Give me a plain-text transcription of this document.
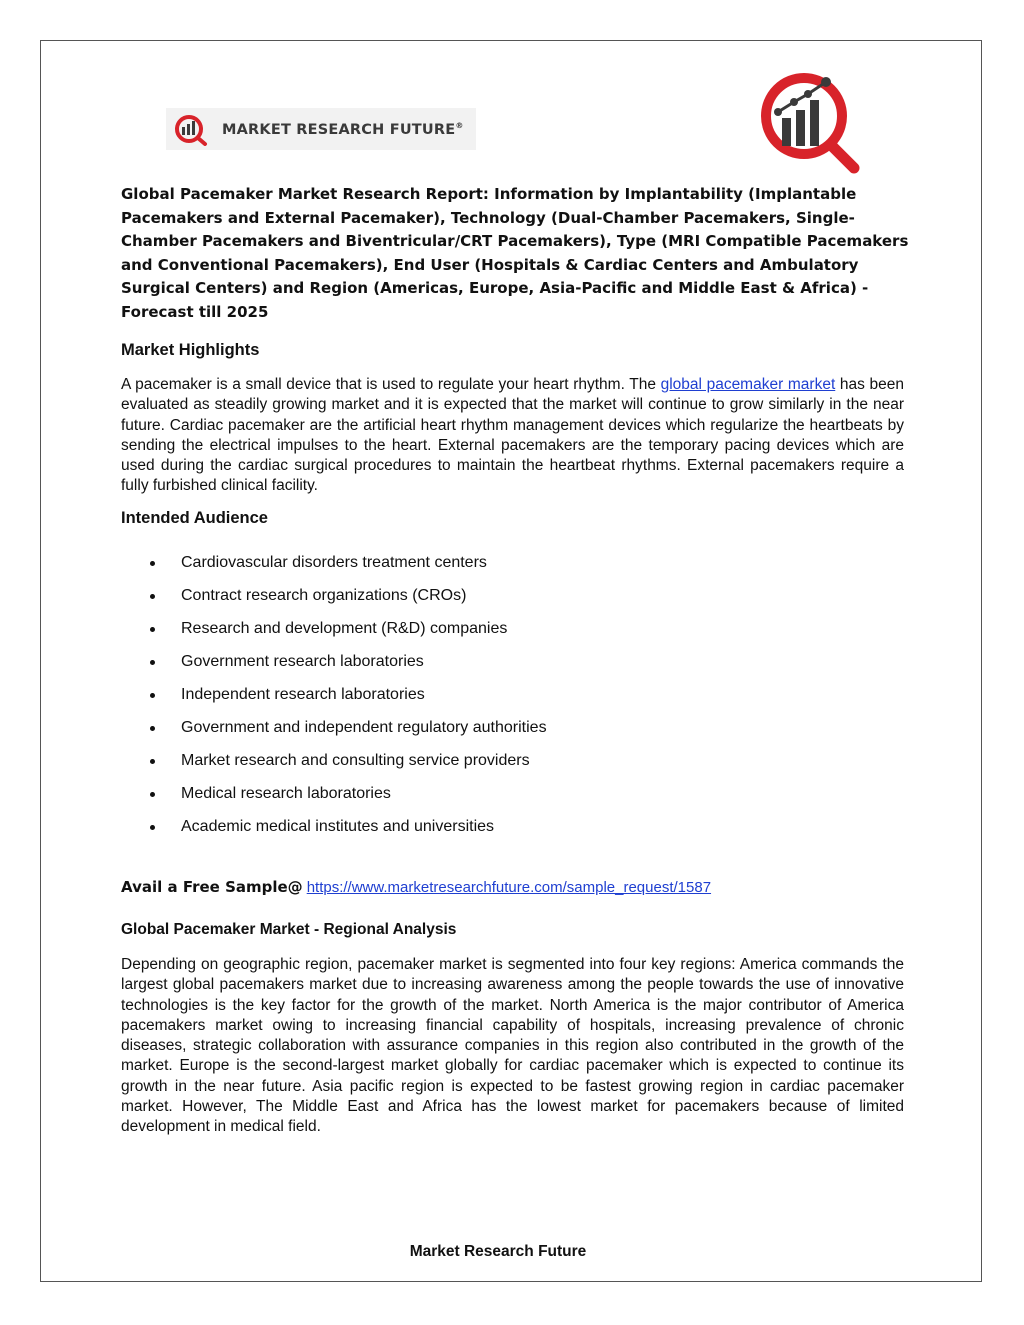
MARKET RESEARCH FUTURE®
Global Pacemaker Market Research Report: Information by Implantability (Implantable Pacemakers and External Pacemaker), Technology (Dual-Chamber Pacemakers, Single-Chamber Pacemakers and Biventricular/CRT Pacemakers), Type (MRI Compatible Pacemakers and Conventional Pacemakers), End User (Hospitals & Cardiac Centers and Ambulatory Surgical Centers) and Region (Americas, Europe, Asia-Pacific and Middle East & Africa) - Forecast till 2025
Market Highlights

A pacemaker is a small device that is used to regulate your heart rhythm. The global pacemaker market has been evaluated as steadily growing market and it is expected that the market will continue to grow similarly in the near future. Cardiac pacemaker are the artificial heart rhythm management devices which regularize the heartbeats by sending the electrical impulses to the heart. External pacemakers are the temporary pacing devices which are used during the cardiac surgical procedures to maintain the heartbeat rhythms. External pacemakers require a fully furbished clinical facility.

Intended Audience
Cardiovascular disorders treatment centers
Contract research organizations (CROs)
Research and development (R&D) companies
Government research laboratories
Independent research laboratories
Government and independent regulatory authorities
Market research and consulting service providers
Medical research laboratories
Academic medical institutes and universities

Avail a Free Sample@ https://www.marketresearchfuture.com/sample_request/1587

Global Pacemaker Market - Regional Analysis

Depending on geographic region, pacemaker market is segmented into four key regions: America commands the largest global pacemakers market due to increasing awareness among the people towards the use of innovative technologies is the key factor for the growth of the market. North America is the major contributor of America pacemakers market owing to increasing financial capability of hospitals, increasing prevalence of chronic diseases, strategic collaboration with assurance companies in this region also contributed in the growth of the market. Europe is the second-largest market globally for cardiac pacemaker which is expected to continue its growth in the near future. Asia pacific region is expected to be fastest growing region in cardiac pacemaker market. However, The Middle East and Africa has the lowest market for pacemakers because of limited development in medical field.

Market Research Future
